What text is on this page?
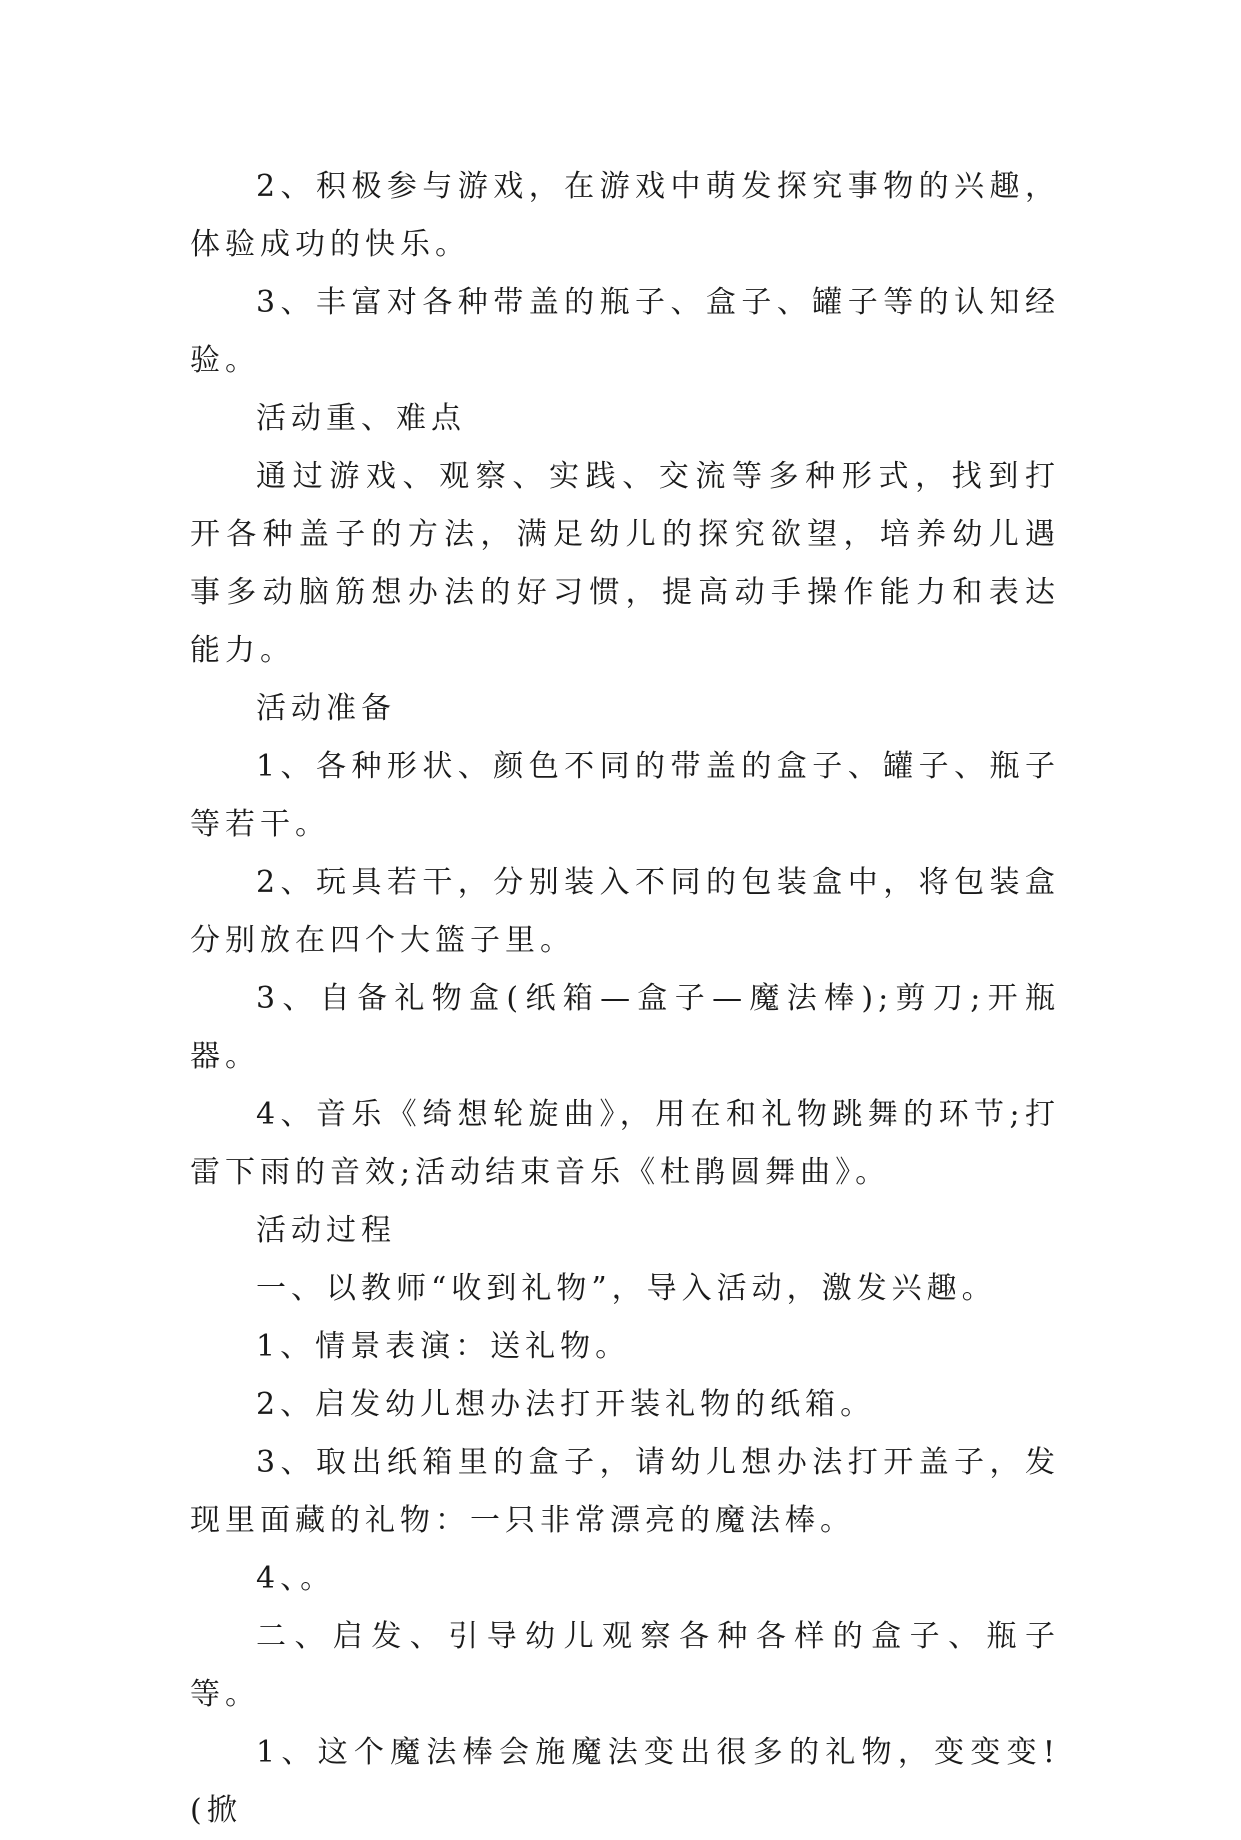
2、积极参与游戏，在游戏中萌发探究事物的兴趣，体验成功的快乐。

3、丰富对各种带盖的瓶子、盒子、罐子等的认知经验。

活动重、难点

通过游戏、观察、实践、交流等多种形式，找到打开各种盖子的方法，满足幼儿的探究欲望，培养幼儿遇事多动脑筋想办法的好习惯，提高动手操作能力和表达能力。

活动准备

1、各种形状、颜色不同的带盖的盒子、罐子、瓶子等若干。

2、玩具若干，分别装入不同的包装盒中，将包装盒分别放在四个大篮子里。

3、自备礼物盒(纸箱—盒子—魔法棒);剪刀;开瓶器。

4、音乐《绮想轮旋曲》，用在和礼物跳舞的环节;打雷下雨的音效;活动结束音乐《杜鹃圆舞曲》。

活动过程

一、以教师“收到礼物”，导入活动，激发兴趣。

1、情景表演：送礼物。

2、启发幼儿想办法打开装礼物的纸箱。

3、取出纸箱里的盒子，请幼儿想办法打开盖子，发现里面藏的礼物：一只非常漂亮的魔法棒。

4、。

二、启发、引导幼儿观察各种各样的盒子、瓶子等。

1、这个魔法棒会施魔法变出很多的礼物，变变变!(掀
